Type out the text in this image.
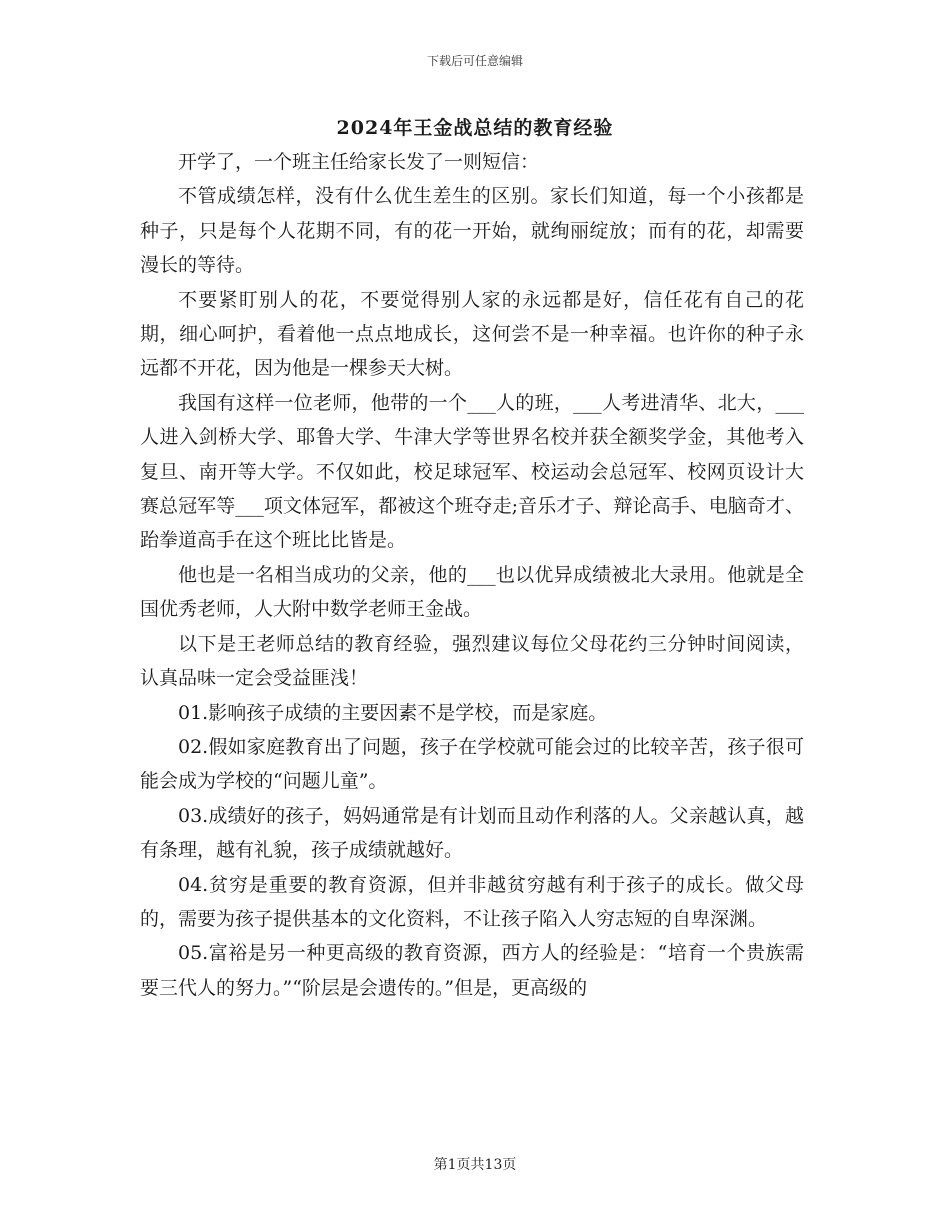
下载后可任意编辑
2024年王金战总结的教育经验

开学了，一个班主任给家长发了一则短信：

不管成绩怎样，没有什么优生差生的区别。家长们知道，每一个小孩都是种子，只是每个人花期不同，有的花一开始，就绚丽绽放；而有的花，却需要漫长的等待。

不要紧盯别人的花，不要觉得别人家的永远都是好，信任花有自己的花期，细心呵护，看着他一点点地成长，这何尝不是一种幸福。也许你的种子永远都不开花，因为他是一棵参天大树。

我国有这样一位老师，他带的一个___人的班，___人考进清华、北大，___人进入剑桥大学、耶鲁大学、牛津大学等世界名校并获全额奖学金，其他考入复旦、南开等大学。不仅如此，校足球冠军、校运动会总冠军、校网页设计大赛总冠军等___项文体冠军，都被这个班夺走;音乐才子、辩论高手、电脑奇才、跆拳道高手在这个班比比皆是。

他也是一名相当成功的父亲，他的___也以优异成绩被北大录用。他就是全国优秀老师，人大附中数学老师王金战。

以下是王老师总结的教育经验，强烈建议每位父母花约三分钟时间阅读，认真品味一定会受益匪浅！

01.影响孩子成绩的主要因素不是学校，而是家庭。

02.假如家庭教育出了问题，孩子在学校就可能会过的比较辛苦，孩子很可能会成为学校的“问题儿童”。

03.成绩好的孩子，妈妈通常是有计划而且动作利落的人。父亲越认真，越有条理，越有礼貌，孩子成绩就越好。

04.贫穷是重要的教育资源，但并非越贫穷越有利于孩子的成长。做父母的，需要为孩子提供基本的文化资料，不让孩子陷入人穷志短的自卑深渊。

05.富裕是另一种更高级的教育资源，西方人的经验是：“培育一个贵族需要三代人的努力。”“阶层是会遗传的。”但是，更高级的

第1页共13页
